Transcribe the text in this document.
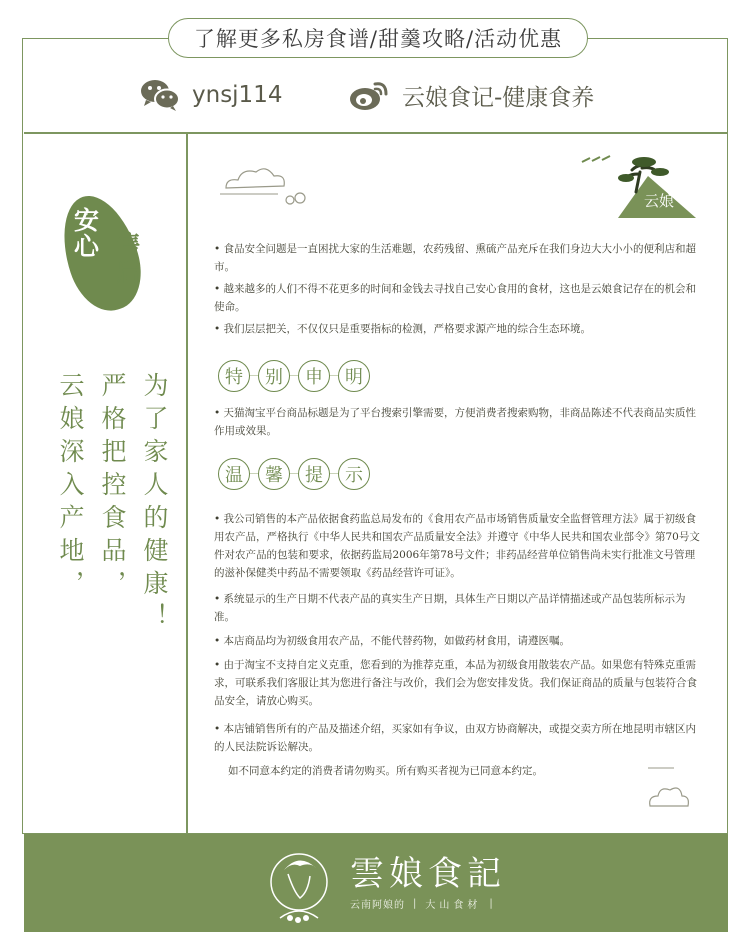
了解更多私房食谱/甜羹攻略/活动优惠
ynsj114	云娘食记-健康食养
安
心 售
后
为了家人的健康！
严格把控食品，
云娘深入产地，
云娘

• 食品安全问题是一直困扰大家的生活难题，农药残留、熏硫产品充斥在我们身边大大小小的便利店和超市。

• 越来越多的人们不得不花更多的时间和金钱去寻找自己安心食用的食材，这也是云娘食记存在的机会和使命。

• 我们层层把关，不仅仅只是重要指标的检测，严格要求源产地的综合生态环境。

特	别	申	明

• 天猫淘宝平台商品标题是为了平台搜索引擎需要，方便消费者搜索购物，非商品陈述不代表商品实质性作用或效果。

温	馨	提	示

• 我公司销售的本产品依据食药监总局发布的《食用农产品市场销售质量安全监督管理方法》属于初级食用农产品，严格执行《中华人民共和国农产品质量安全法》并遵守《中华人民共和国农业部令》第70号文件对农产品的包装和要求，依据药监局2006年第78号文件；非药品经营单位销售尚未实行批准文号管理的滋补保健类中药品不需要领取《药品经营许可证》。

• 系统显示的生产日期不代表产品的真实生产日期，具体生产日期以产品详情描述或产品包装所标示为准。

• 本店商品均为初级食用农产品，不能代替药物，如做药材食用，请遵医嘱。

• 由于淘宝不支持自定义克重，您看到的为推荐克重，本品为初级食用散装农产品。如果您有特殊克重需求，可联系我们客服让其为您进行备注与改价，我们会为您安排发货。我们保证商品的质量与包装符合食品安全，请放心购买。

• 本店铺销售所有的产品及描述介绍，买家如有争议，由双方协商解决，或提交卖方所在地昆明市辖区内的人民法院诉讼解决。

如不同意本约定的消费者请勿购买。所有购买者视为已同意本约定。

雲娘食記
云南阿娘的 | 大山食材 |
